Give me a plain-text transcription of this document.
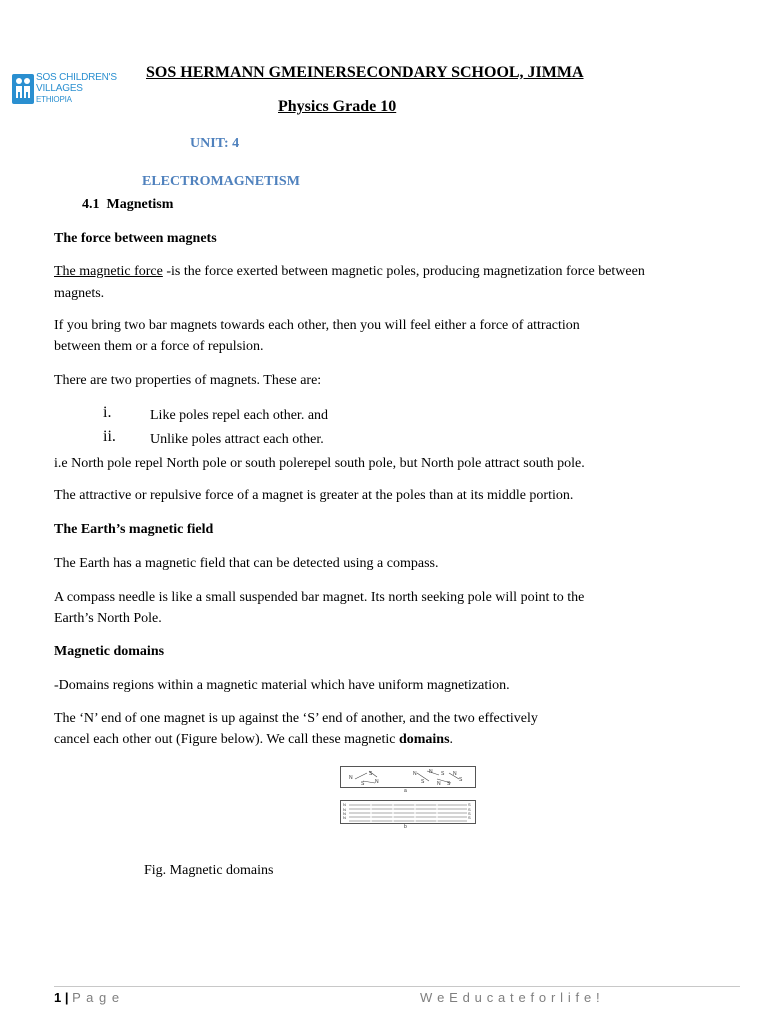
SOS CHILDREN'S
VILLAGES
ETHIOPIA
SOS HERMANN GMEINERSECONDARY SCHOOL, JIMMA
Physics Grade 10
UNIT: 4
ELECTROMAGNETISM
4.1 Magnetism
The force between magnets
The magnetic force -is the force exerted between magnetic poles, producing magnetization force between
magnets.
If you bring two bar magnets towards each other, then you will feel either a force of attraction
between them or a force of repulsion.
There are two properties of magnets. These are:
i.	Like poles repel each other. and
ii. Unlike poles attract each other.
i.e North pole repel North pole or south polerepel south pole, but North pole attract south pole.
The attractive or repulsive force of a magnet is greater at the poles than at its middle portion.
The Earth’s magnetic field
The Earth has a magnetic field that can be detected using a compass.
A compass needle is like a small suspended bar magnet. Its north seeking pole will point to the
Earth’s North Pole.
Magnetic domains
-Domains regions within a magnetic material which have uniform magnetization.
The ‘N’ end of one magnet is up against the ‘S’ end of another, and the two effectively
cancel each other out (Figure below). We call these magnetic domains.
N
S
S N
N N S N
S	N S
S
a
N
N
N
N
S
S
S
S
b
Fig. Magnetic domains
1 | P a g e	W e E d u c a t e f o r l i f e !
